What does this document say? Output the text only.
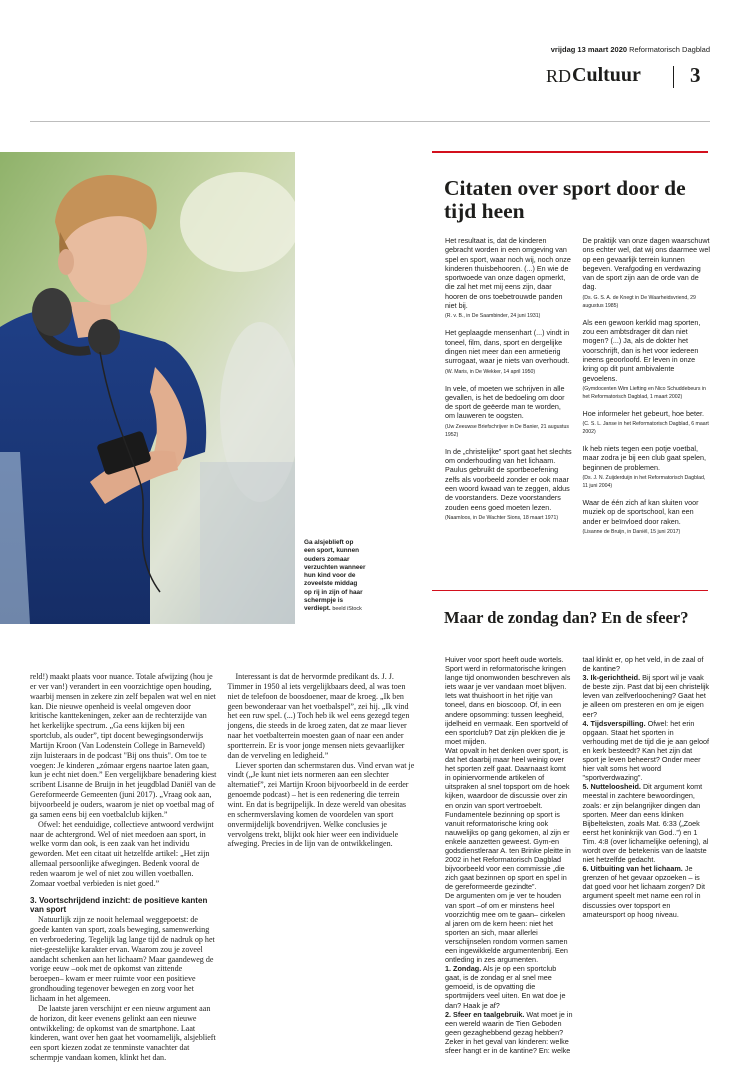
vrijdag 13 maart 2020 Reformatorisch Dagblad
RD Cultuur 3
Ga alsjeblieft op een sport, kunnen ouders zomaar verzuchten wanneer hun kind voor de zoveelste middag op rij in zijn of haar schermpje is verdiept. beeld iStock

reld!) maakt plaats voor nuance. Totale afwijzing (hou je er ver van!) verandert in een voorzichtige open houding, waarbij mensen in zekere zin zelf bepalen wat wel en niet kan. Die nieuwe openheid is veelal omgeven door kritische kanttekeningen, zeker aan de rechterzijde van het kerkelijke spectrum. „Ga eens kijken bij een sportclub, als ouder”, tipt docent bewegingsonderwijs Martijn Kroon (Van Lodenstein College in Barneveld) zijn luisteraars in de podcast "Bij ons thuis". Om toe te voegen: Je kinderen „zómaar ergens naartoe laten gaan, kun je echt niet doen.” Een vergelijkbare benadering kiest scribent Lisanne de Bruijn in het jeugdblad Daniël van de Gereformeerde Gemeenten (juni 2017). „Vraag ook aan, bijvoorbeeld je ouders, waarom je niet op voetbal mag of ga samen eens bij een voetbalclub kijken.”

Ofwel: het eenduidige, collectieve antwoord verdwijnt naar de achtergrond. Wel of niet meedoen aan sport, in welke vorm dan ook, is een zaak van het individu geworden. Met een citaat uit hetzelfde artikel: „Het zijn allemaal persoonlijke afwegingen. Bedenk vooral de reden waarom je wel of niet zou willen voetballen. Zomaar voetbal verbieden is niet goed.”

3. Voortschrijdend inzicht: de positieve kanten van sport

Natuurlijk zijn ze nooit helemaal weggepoetst: de goede kanten van sport, zoals beweging, samenwerking en verbroedering. Tegelijk lag lange tijd de nadruk op het niet-geestelijke karakter ervan. Waarom zou je zoveel aandacht schenken aan het lichaam? Maar gaandeweg de vorige eeuw –ook met de opkomst van zittende beroepen– kwam er meer ruimte voor een positieve grondhouding tegenover bewegen en zorg voor het lichaam in het algemeen.

De laatste jaren verschijnt er een nieuw argument aan de horizon, dit keer evenens gelinkt aan een nieuwe ontwikkeling: de opkomst van de smartphone. Laat kinderen, want over hen gaat het voornamelijk, alsjeblieft een sport kiezen zodat ze tenminste vanachter dat schermpje vandaan komen, klinkt het dan.

Interessant is dat de hervormde predikant ds. J. J. Timmer in 1950 al iets vergelijkbaars deed, al was toen niet de telefoon de boosdoener, maar de kroeg. „Ik ben geen bewonderaar van het voetbalspel”, zei hij. „Ik vind het een ruw spel. (...) Toch heb ik wel eens gezegd tegen jongens, die steeds in de kroeg zaten, dat ze maar liever naar het voetbalterrein moesten gaan of naar een ander sportterrein. Er is voor jonge mensen niets gevaarlijker dan de verveling en ledigheid.”

Liever sporten dan schermstaren dus. Vind ervan wat je vindt („Je kunt niet iets normeren aan een slechter alternatief”, zei Martijn Kroon bijvoorbeeld in de eerder genoemde podcast) – het is een redenering die terrein wint. En dat is begrijpelijk. In deze wereld van obesitas en schermverslaving komen de voordelen van sport onvermijdelijk bovendrijven. Welke conclusies je vervolgens trekt, blijkt ook hier weer een individuele afweging. Precies in de lijn van de ontwikkelingen.

Citaten over sport door de tijd heen
Het resultaat is, dat de kinderen gebracht worden in een omgeving van spel en sport, waar noch wij, noch onze kinderen thuisbehooren. (...) En wie de sportwoede van onze dagen opmerkt, die zal het met mij eens zijn, daar hooren de ons toebetrouwde panden niet bij.
(R. v. B., in De Saambinder, 24 juni 1931)
Het geplaagde mensenhart (...) vindt in toneel, film, dans, sport en dergelijke dingen niet meer dan een armetierig surrogaat, waar je niets van overhoudt.
(W. Maris, in De Wekker, 14 april 1950)
In vele, of moeten we schrijven in alle gevallen, is het de bedoeling om door de sport de geëerde man te worden, om lauweren te oogsten.
(Uw Zeeuwse Briefschrijver in De Banier, 21 augustus 1952)
In de „christelijke” sport gaat het slechts om onderhouding van het lichaam. Paulus gebruikt de sportbeoefening zelfs als voorbeeld zonder er ook maar een woord kwaad van te zeggen, aldus de voorstanders. Deze voorstanders zouden eens goed moeten lezen.
(Naamloos, in De Wachter Sions, 18 maart 1971)
De praktijk van onze dagen waarschuwt ons echter wel, dat wij ons daarmee wel op een gevaarlijk terrein kunnen begeven. Verafgoding en verdwazing van de sport zijn aan de orde van de dag.
(Ds. G. S. A. de Knegt in De Waarheidsvriend, 29 augustus 1985)
Als een gewoon kerklid mag sporten, zou een ambtsdrager dit dan niet mogen? (...) Ja, als de dokter het voorschrijft, dan is het voor iedereen ineens geoorloofd. Er leven in onze kring op dit punt ambivalente gevoelens.
(Gymdocenten Wim Liefting en Nico Schuddebeurs in het Reformatorisch Dagblad, 1 maart 2002)
Hoe informeler het gebeurt, hoe beter.
(C. S. L. Janse in het Reformatorisch Dagblad, 6 maart 2002)
Ik heb niets tegen een potje voetbal, maar zodra je bij een club gaat spelen, beginnen de problemen.
(Ds. J. N. Zuijderduijn in het Reformatorisch Dagblad, 11 juni 2004)
Waar de één zich af kan sluiten voor muziek op de sportschool, kan een ander er beïnvloed door raken.
(Lisanne de Bruijn, in Daniël, 15 juni 2017)
Maar de zondag dan? En de sfeer?

Huiver voor sport heeft oude wortels. Sport werd in reformatorische kringen lange tijd onomwonden beschreven als iets waar je ver vandaan moet blijven. Iets wat thuishoort in het rijtje van toneel, dans en bioscoop. Of, in een andere opsomming: tussen leegheid, ijdelheid en vermaak. Een sportveld of een sportclub? Dat zijn plekken die je moet mijden.

Wat opvalt in het denken over sport, is dat het daarbij maar heel weinig over het sporten zelf gaat. Daarnaast komt in opiniervormende artikelen of uitspraken al snel topsport om de hoek kijken, waardoor de discussie over zin en onzin van sport vertroebelt. Fundamentele bezinning op sport is vanuit reformatorische kring ook nauwelijks op gang gekomen, al zijn er enkele aanzetten geweest. Gym-en godsdienstleraar A. ten Brinke pleitte in 2002 in het Reformatorisch Dagblad bijvoorbeeld voor een commissie „die zich gaat bezinnen op sport en spel in de gereformeerde gezindte”.

De argumenten om je ver te houden van sport –of om er minstens heel voorzichtig mee om te gaan– cirkelen al jaren om de kern heen: niet het sporten an sich, maar allerlei verschijnselen rondom vormen samen een ingewikkelde argumentenbrij. Een ontleding in zes argumenten.

1. Zondag. Als je op een sportclub gaat, is de zondag er al snel mee gemoeid, is de opvatting die sportmijders veel uiten. En wat doe je dan? Haak je af?

2. Sfeer en taalgebruik. Wat moet je in een wereld waarin de Tien Geboden geen gezaghebbend gezag hebben? Zeker in het geval van kinderen: welke sfeer hangt er in de kantine? En: welke taal klinkt er, op het veld, in de zaal of de kantine?

3. Ik-gerichtheid. Bij sport wil je vaak de beste zijn. Past dat bij een christelijk leven van zelfverloochening? Gaat het je alleen om presteren en om je eigen eer?

4. Tijdsverspilling. Ofwel: het erin opgaan. Staat het sporten in verhouding met de tijd die je aan geloof en kerk besteedt? Kan het zijn dat sport je leven beheerst? Onder meer hier valt soms het woord "sportverdwazing".

5. Nutteloosheid. Dit argument komt meestal in zachtere bewoordingen, zoals: er zijn belangrijker dingen dan sporten. Meer dan eens klinken Bijbelteksten, zoals Mat. 6:33 („Zoek eerst het koninkrijk van God..”) en 1 Tim. 4:8 (over lichamelijke oefening), al wordt over de betekenis van de laatste niet hetzelfde gedacht.

6. Uitbuiting van het lichaam. Je grenzen of het gevaar opzoeken – is dat goed voor het lichaam zorgen? Dit argument speelt met name een rol in discussies over topsport en amateursport op hoog niveau.
